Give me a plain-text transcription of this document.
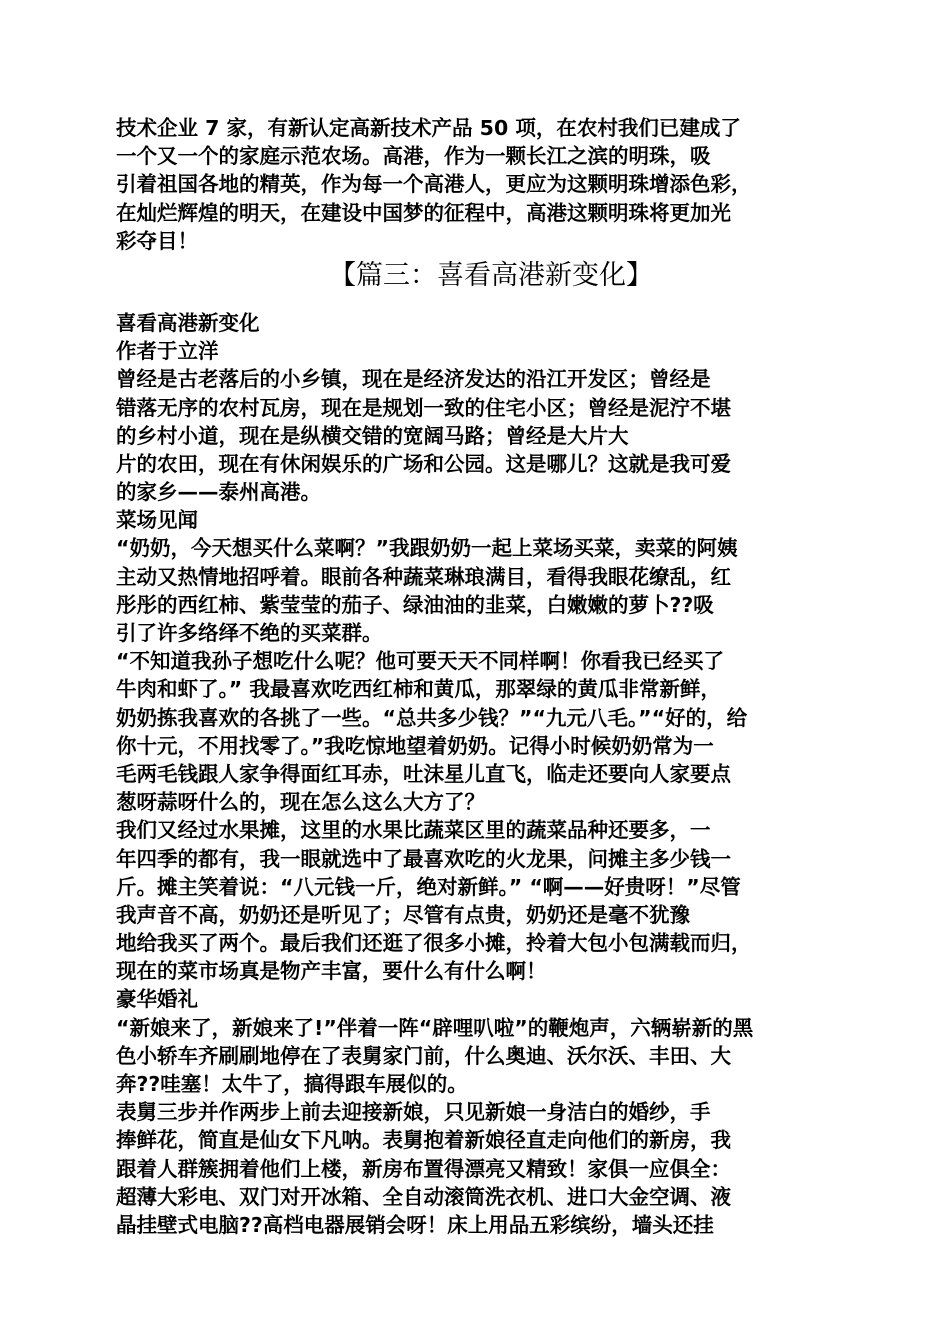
技术企业 7 家，有新认定高新技术产品 50 项，在农村我们已建成了
一个又一个的家庭示范农场。高港，作为一颗长江之滨的明珠，吸
引着祖国各地的精英，作为每一个高港人，更应为这颗明珠增添色彩，
在灿烂辉煌的明天，在建设中国梦的征程中，高港这颗明珠将更加光
彩夺目！
【篇三：喜看高港新变化】
喜看高港新变化
作者于立洋
曾经是古老落后的小乡镇，现在是经济发达的沿江开发区；曾经是
错落无序的农村瓦房，现在是规划一致的住宅小区；曾经是泥泞不堪
的乡村小道，现在是纵横交错的宽阔马路；曾经是大片大
片的农田，现在有休闲娱乐的广场和公园。这是哪儿？这就是我可爱
的家乡——泰州高港。
菜场见闻
“奶奶，今天想买什么菜啊？”我跟奶奶一起上菜场买菜，卖菜的阿姨
主动又热情地招呼着。眼前各种蔬菜琳琅满目，看得我眼花缭乱，红
彤彤的西红柿、紫莹莹的茄子、绿油油的韭菜，白嫩嫩的萝卜??吸
引了许多络绎不绝的买菜群。
“不知道我孙子想吃什么呢？他可要天天不同样啊！你看我已经买了
牛肉和虾了。” 我最喜欢吃西红柿和黄瓜，那翠绿的黄瓜非常新鲜，
奶奶拣我喜欢的各挑了一些。“总共多少钱？”“九元八毛。”“好的，给
你十元，不用找零了。”我吃惊地望着奶奶。记得小时候奶奶常为一
毛两毛钱跟人家争得面红耳赤，吐沫星儿直飞，临走还要向人家要点
葱呀蒜呀什么的，现在怎么这么大方了？
我们又经过水果摊，这里的水果比蔬菜区里的蔬菜品种还要多，一
年四季的都有，我一眼就选中了最喜欢吃的火龙果，问摊主多少钱一
斤。摊主笑着说：“八元钱一斤，绝对新鲜。” “啊——好贵呀！”尽管
我声音不高，奶奶还是听见了；尽管有点贵，奶奶还是毫不犹豫
地给我买了两个。最后我们还逛了很多小摊，拎着大包小包满载而归，
现在的菜市场真是物产丰富，要什么有什么啊！
豪华婚礼
“新娘来了，新娘来了!”伴着一阵“辟哩叭啦”的鞭炮声，六辆崭新的黑
色小轿车齐刷刷地停在了表舅家门前，什么奥迪、沃尔沃、丰田、大
奔??哇塞！太牛了，搞得跟车展似的。
表舅三步并作两步上前去迎接新娘，只见新娘一身洁白的婚纱，手
捧鲜花，简直是仙女下凡呐。表舅抱着新娘径直走向他们的新房，我
跟着人群簇拥着他们上楼，新房布置得漂亮又精致！家俱一应俱全：
超薄大彩电、双门对开冰箱、全自动滚筒洗衣机、进口大金空调、液
晶挂壁式电脑??高档电器展销会呀！床上用品五彩缤纷，墙头还挂
